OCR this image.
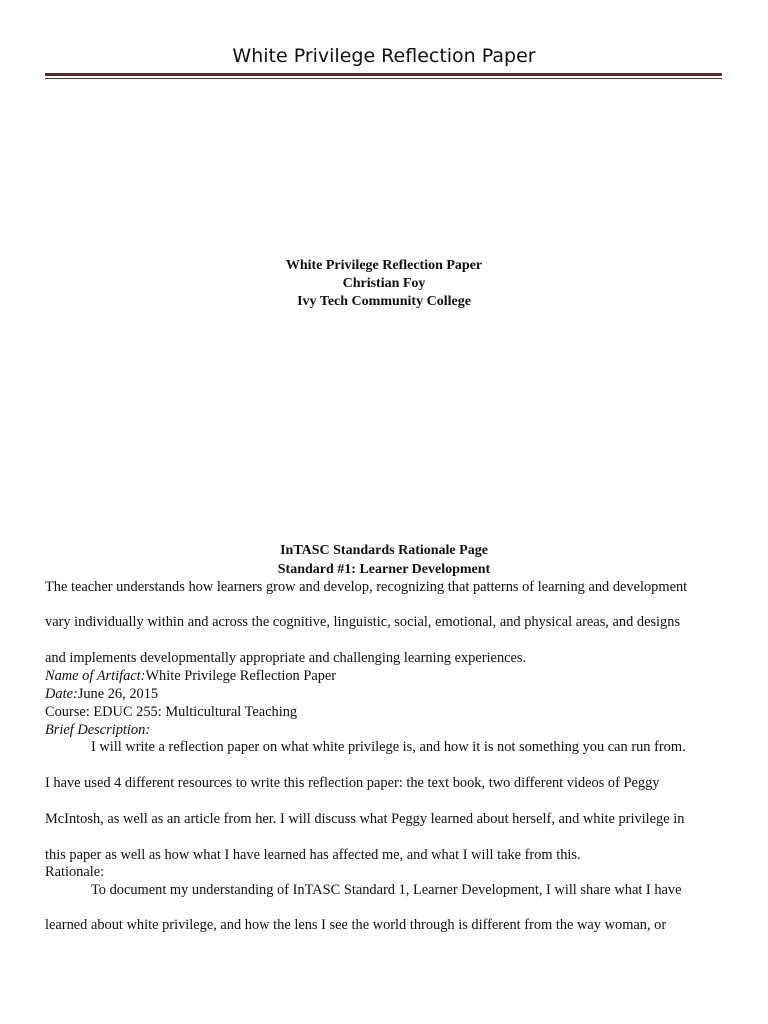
White Privilege Reflection Paper
White Privilege Reflection Paper
Christian Foy
Ivy Tech Community College
InTASC Standards Rationale Page
Standard #1: Learner Development
The teacher understands how learners grow and develop, recognizing that patterns of learning and development
vary individually within and across the cognitive, linguistic, social, emotional, and physical areas, and designs
and implements developmentally appropriate and challenging learning experiences.
Name of Artifact:White Privilege Reflection Paper
Date:June 26, 2015
Course: EDUC 255: Multicultural Teaching
Brief Description:
I will write a reflection paper on what white privilege is, and how it is not something you can run from.
I have used 4 different resources to write this reflection paper: the text book, two different videos of Peggy
McIntosh, as well as an article from her. I will discuss what Peggy learned about herself, and white privilege in
this paper as well as how what I have learned has affected me, and what I will take from this.
Rationale:
To document my understanding of InTASC Standard 1, Learner Development, I will share what I have
learned about white privilege, and how the lens I see the world through is different from the way woman, or
